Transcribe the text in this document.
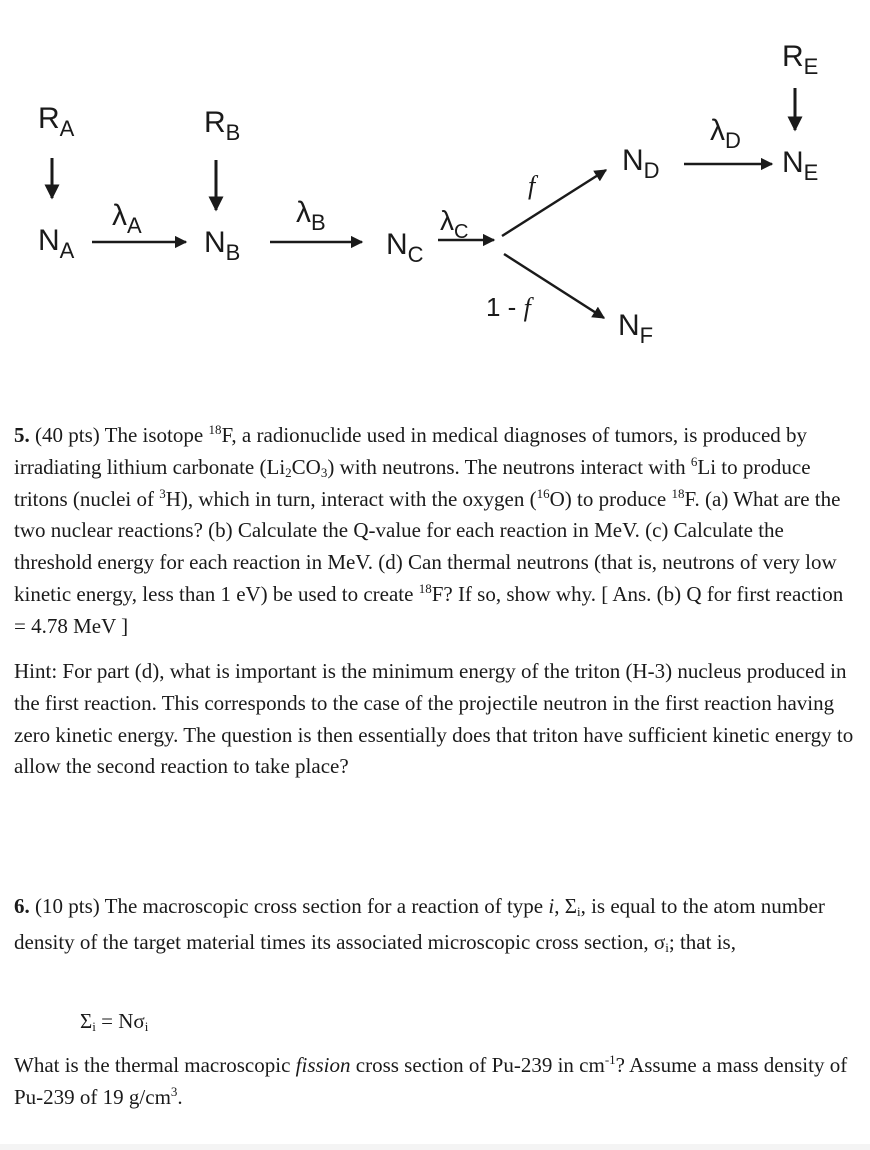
$R_A$	$R_B$
$R_E$
$N_A$
$\lambda_A$
$N_B$
$\lambda_B$
$N_C$
$\lambda_C$
f
1 - f
$N_D$
$\lambda_D$
$N_E$
$N_F$

5. (40 pts) The isotope $^{18}$F, a radionuclide used in medical diagnoses of tumors, is produced by irradiating lithium carbonate $(Li_2CO_3)$ with neutrons. The neutrons interact with $^6$Li to produce tritons (nuclei of $^3$H), which in turn, interact with the oxygen ($^{16}$O) to produce $^{18}$F. (a) What are the two nuclear reactions? (b) Calculate the Q-value for each reaction in MeV. (c) Calculate the threshold energy for each reaction in MeV. (d) Can thermal neutrons (that is, neutrons of very low kinetic energy, less than 1 eV) be used to create $^{18}$F? If so, show why. [ Ans. (b) Q for first reaction = 4.78 MeV ]

Hint: For part (d), what is important is the minimum energy of the triton (H-3) nucleus produced in the first reaction. This corresponds to the case of the projectile neutron in the first reaction having zero kinetic energy. The question is then essentially does that triton have sufficient kinetic energy to allow the second reaction to take place?

6. (10 pts) The macroscopic cross section for a reaction of type i, $\Sigma_i$, is equal to the atom number density of the target material times its associated microscopic cross section, $\sigma_i$; that is,

$\Sigma_i = N\sigma_i$

What is the thermal macroscopic fission cross section of Pu-239 in $cm^{-1}$? Assume a mass density of Pu-239 of 19 $g/cm^3$.
